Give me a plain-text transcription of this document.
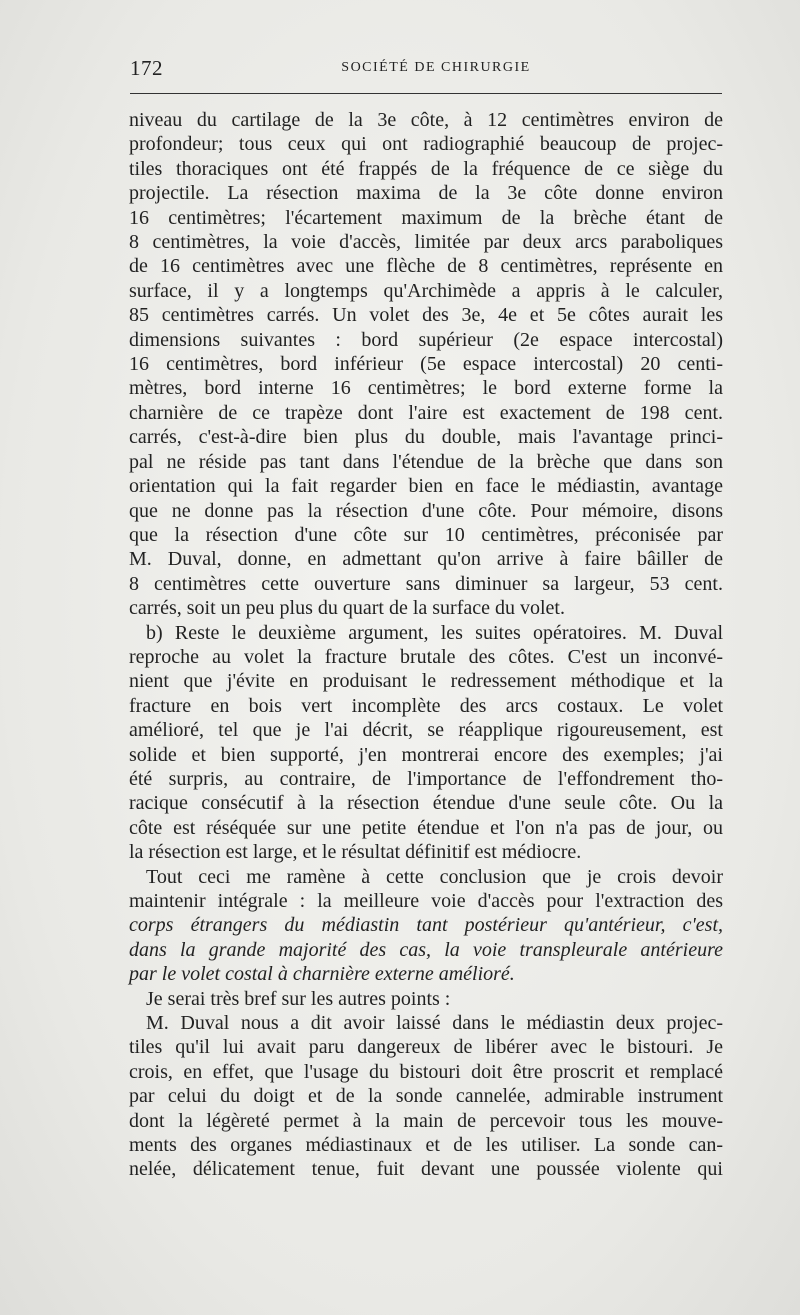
172	SOCIÉTÉ DE CHIRURGIE
niveau du cartilage de la 3e côte, à 12 centimètres environ de
profondeur; tous ceux qui ont radiographié beaucoup de projec-
tiles thoraciques ont été frappés de la fréquence de ce siège du
projectile. La résection maxima de la 3e côte donne environ
16 centimètres; l'écartement maximum de la brèche étant de
8 centimètres, la voie d'accès, limitée par deux arcs paraboliques
de 16 centimètres avec une flèche de 8 centimètres, représente en
surface, il y a longtemps qu'Archimède a appris à le calculer,
85 centimètres carrés. Un volet des 3e, 4e et 5e côtes aurait les
dimensions suivantes : bord supérieur (2e espace intercostal)
16 centimètres, bord inférieur (5e espace intercostal) 20 centi-
mètres, bord interne 16 centimètres; le bord externe forme la
charnière de ce trapèze dont l'aire est exactement de 198 cent.
carrés, c'est-à-dire bien plus du double, mais l'avantage princi-
pal ne réside pas tant dans l'étendue de la brèche que dans son
orientation qui la fait regarder bien en face le médiastin, avantage
que ne donne pas la résection d'une côte. Pour mémoire, disons
que la résection d'une côte sur 10 centimètres, préconisée par
M. Duval, donne, en admettant qu'on arrive à faire bâiller de
8 centimètres cette ouverture sans diminuer sa largeur, 53 cent.
carrés, soit un peu plus du quart de la surface du volet.
b) Reste le deuxième argument, les suites opératoires. M. Duval
reproche au volet la fracture brutale des côtes. C'est un inconvé-
nient que j'évite en produisant le redressement méthodique et la
fracture en bois vert incomplète des arcs costaux. Le volet
amélioré, tel que je l'ai décrit, se réapplique rigoureusement, est
solide et bien supporté, j'en montrerai encore des exemples; j'ai
été surpris, au contraire, de l'importance de l'effondrement tho-
racique consécutif à la résection étendue d'une seule côte. Ou la
côte est réséquée sur une petite étendue et l'on n'a pas de jour, ou
la résection est large, et le résultat définitif est médiocre.
Tout ceci me ramène à cette conclusion que je crois devoir
maintenir intégrale : la meilleure voie d'accès pour l'extraction des
corps étrangers du médiastin tant postérieur qu'antérieur, c'est,
dans la grande majorité des cas, la voie transpleurale antérieure
par le volet costal à charnière externe amélioré.
Je serai très bref sur les autres points :
M. Duval nous a dit avoir laissé dans le médiastin deux projec-
tiles qu'il lui avait paru dangereux de libérer avec le bistouri. Je
crois, en effet, que l'usage du bistouri doit être proscrit et remplacé
par celui du doigt et de la sonde cannelée, admirable instrument
dont la légèreté permet à la main de percevoir tous les mouve-
ments des organes médiastinaux et de les utiliser. La sonde can-
nelée, délicatement tenue, fuit devant une poussée violente qui
